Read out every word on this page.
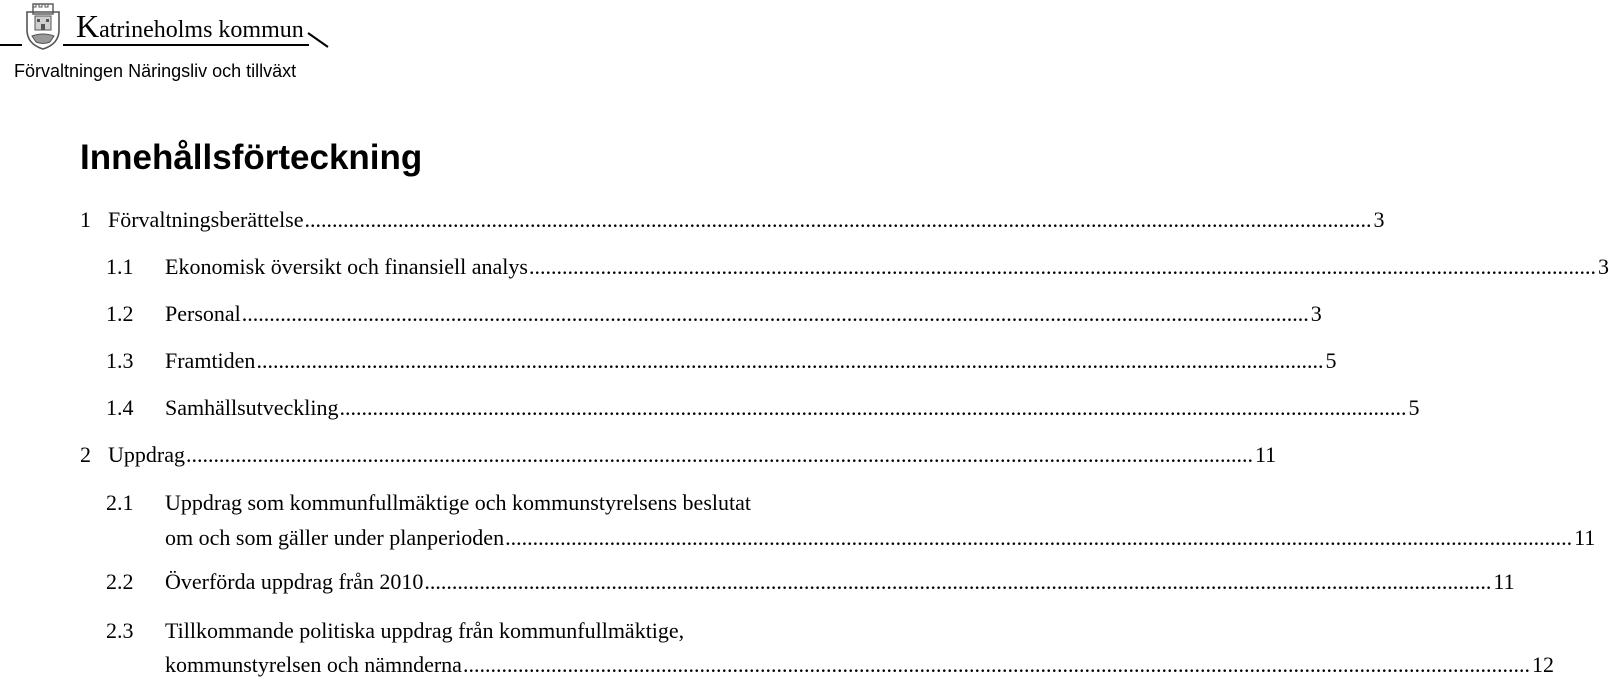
Katrineholms kommun
Förvaltningen Näringsliv och tillväxt
Innehållsförteckning
1 Förvaltningsberättelse .....	3
1.1 Ekonomisk översikt och finansiell analys .....	3
1.2 Personal .....	3
1.3 Framtiden .....	5
1.4 Samhällsutveckling .....	5
2 Uppdrag .....	11
2.1 Uppdrag som kommunfullmäktige och kommunstyrelsens beslutat
om och som gäller under planperioden .....	11
2.2 Överförda uppdrag från 2010 .....	11
2.3 Tillkommande politiska uppdrag från kommunfullmäktige,
kommunstyrelsen och nämnderna .....	12
